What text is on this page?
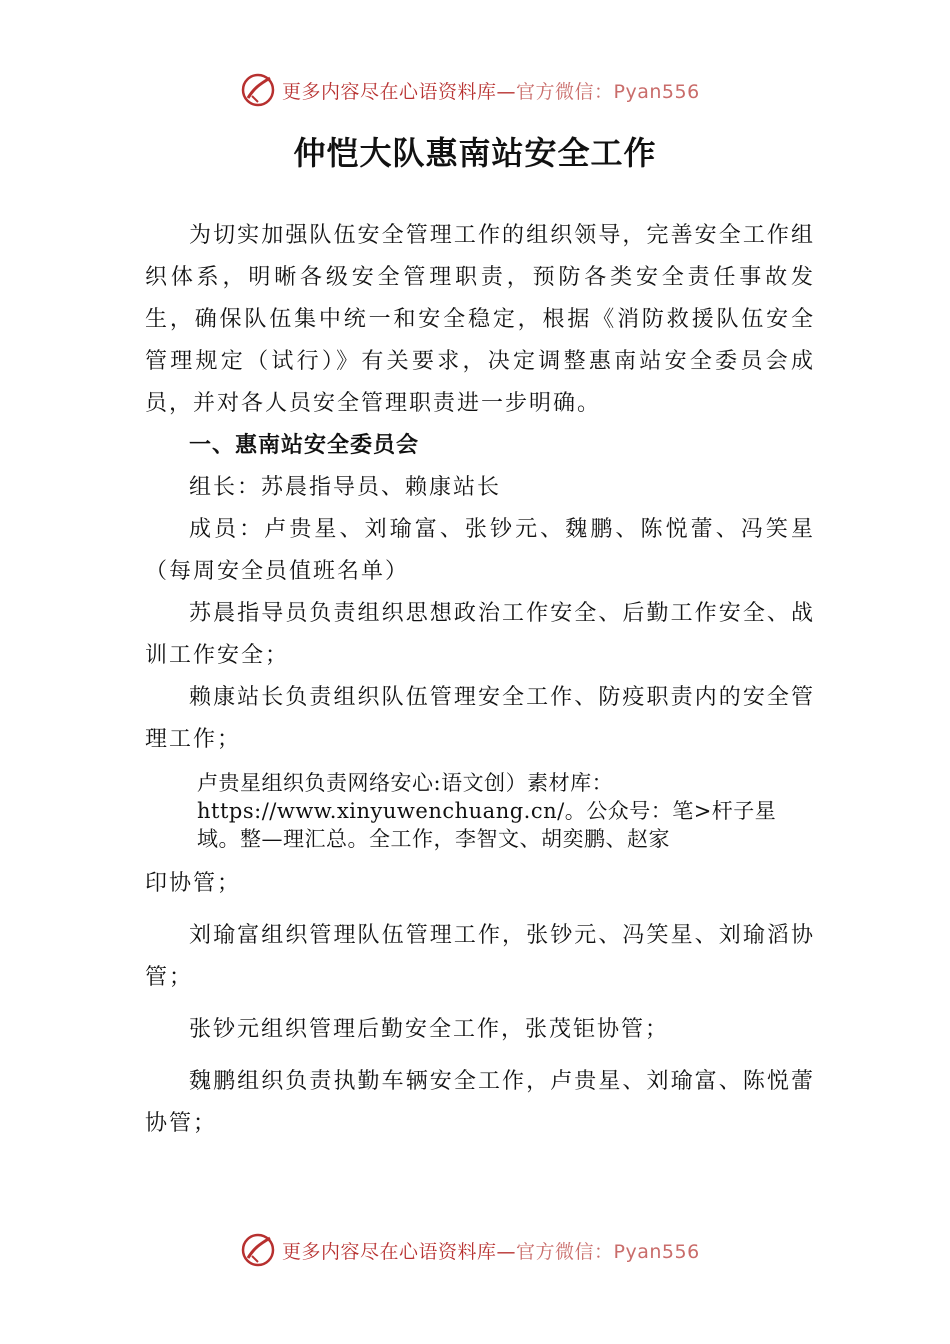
更多内容尽在心语资料库— 官方微信：Pyan556
仲恺大队惠南站安全工作

为切实加强队伍安全管理工作的组织领导，完善安全工作组织体系，明晰各级安全管理职责，预防各类安全责任事故发生，确保队伍集中统一和安全稳定，根据《消防救援队伍安全管理规定（试行）》有关要求，决定调整惠南站安全委员会成员，并对各人员安全管理职责进一步明确。

一、惠南站安全委员会

组长：苏晨指导员、赖康站长

成员：卢贵星、刘瑜富、张钞元、魏鹏、陈悦蕾、冯笑星（每周安全员值班名单）

苏晨指导员负责组织思想政治工作安全、后勤工作安全、战训工作安全；

赖康站长负责组织队伍管理安全工作、防疫职责内的安全管理工作；

卢贵星组织负责网络安心:语文创）素材库：https://www.xinyuwenchuang.cn/。公众号：笔>杆子星域。整—理汇总。全工作，李智文、胡奕鹏、赵家

印协管；

刘瑜富组织管理队伍管理工作，张钞元、冯笑星、刘瑜滔协管；

张钞元组织管理后勤安全工作，张茂钜协管；

魏鹏组织负责执勤车辆安全工作，卢贵星、刘瑜富、陈悦蕾协管；

更多内容尽在心语资料库— 官方微信：Pyan556
